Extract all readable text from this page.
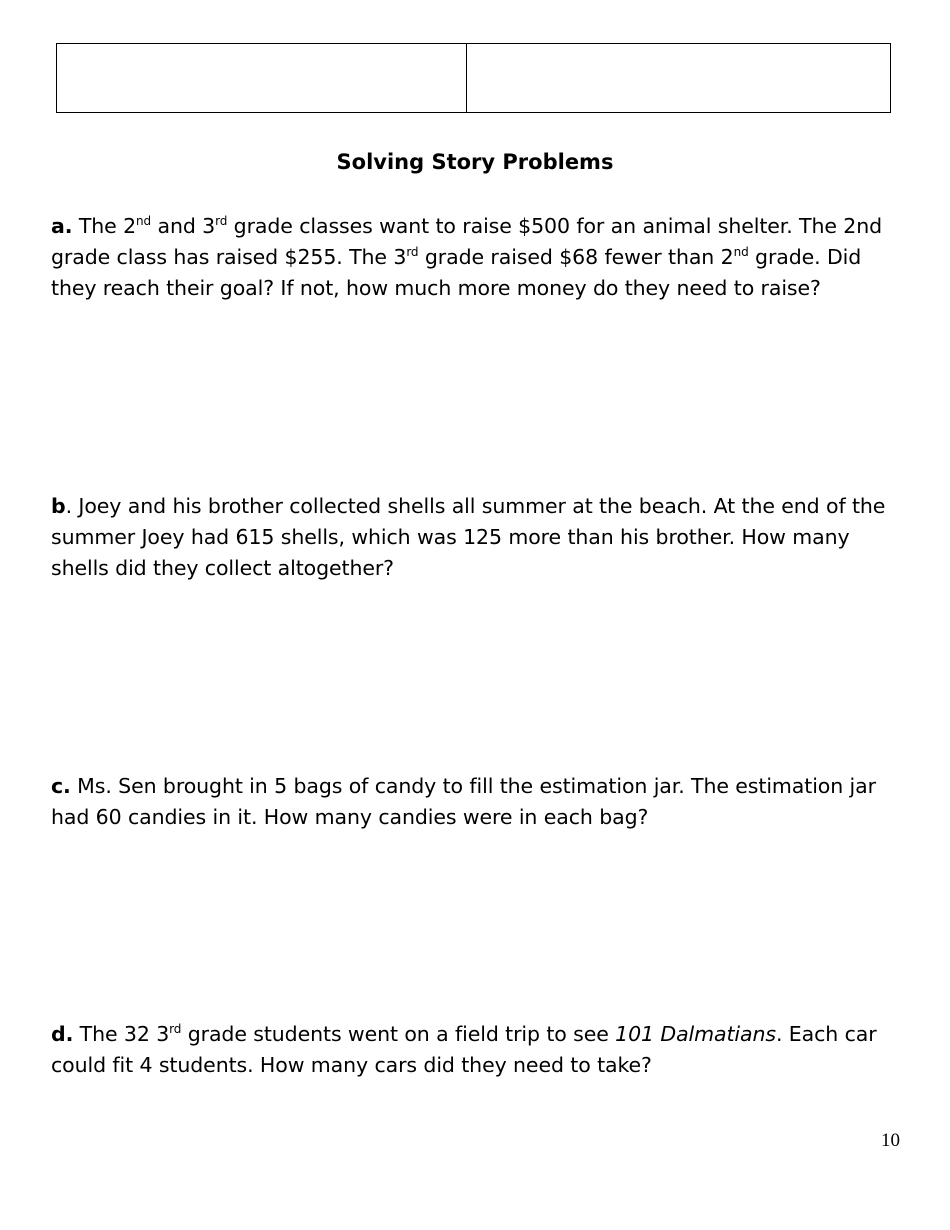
Solving Story Problems
a. The 2nd and 3rd grade classes want to raise $500 for an animal shelter. The 2nd grade class has raised $255. The 3rd grade raised $68 fewer than 2nd grade. Did they reach their goal? If not, how much more money do they need to raise?
b. Joey and his brother collected shells all summer at the beach. At the end of the summer Joey had 615 shells, which was 125 more than his brother. How many shells did they collect altogether?
c. Ms. Sen brought in 5 bags of candy to fill the estimation jar. The estimation jar had 60 candies in it. How many candies were in each bag?
d. The 32 3rd grade students went on a field trip to see 101 Dalmatians. Each car could fit 4 students. How many cars did they need to take?
10
